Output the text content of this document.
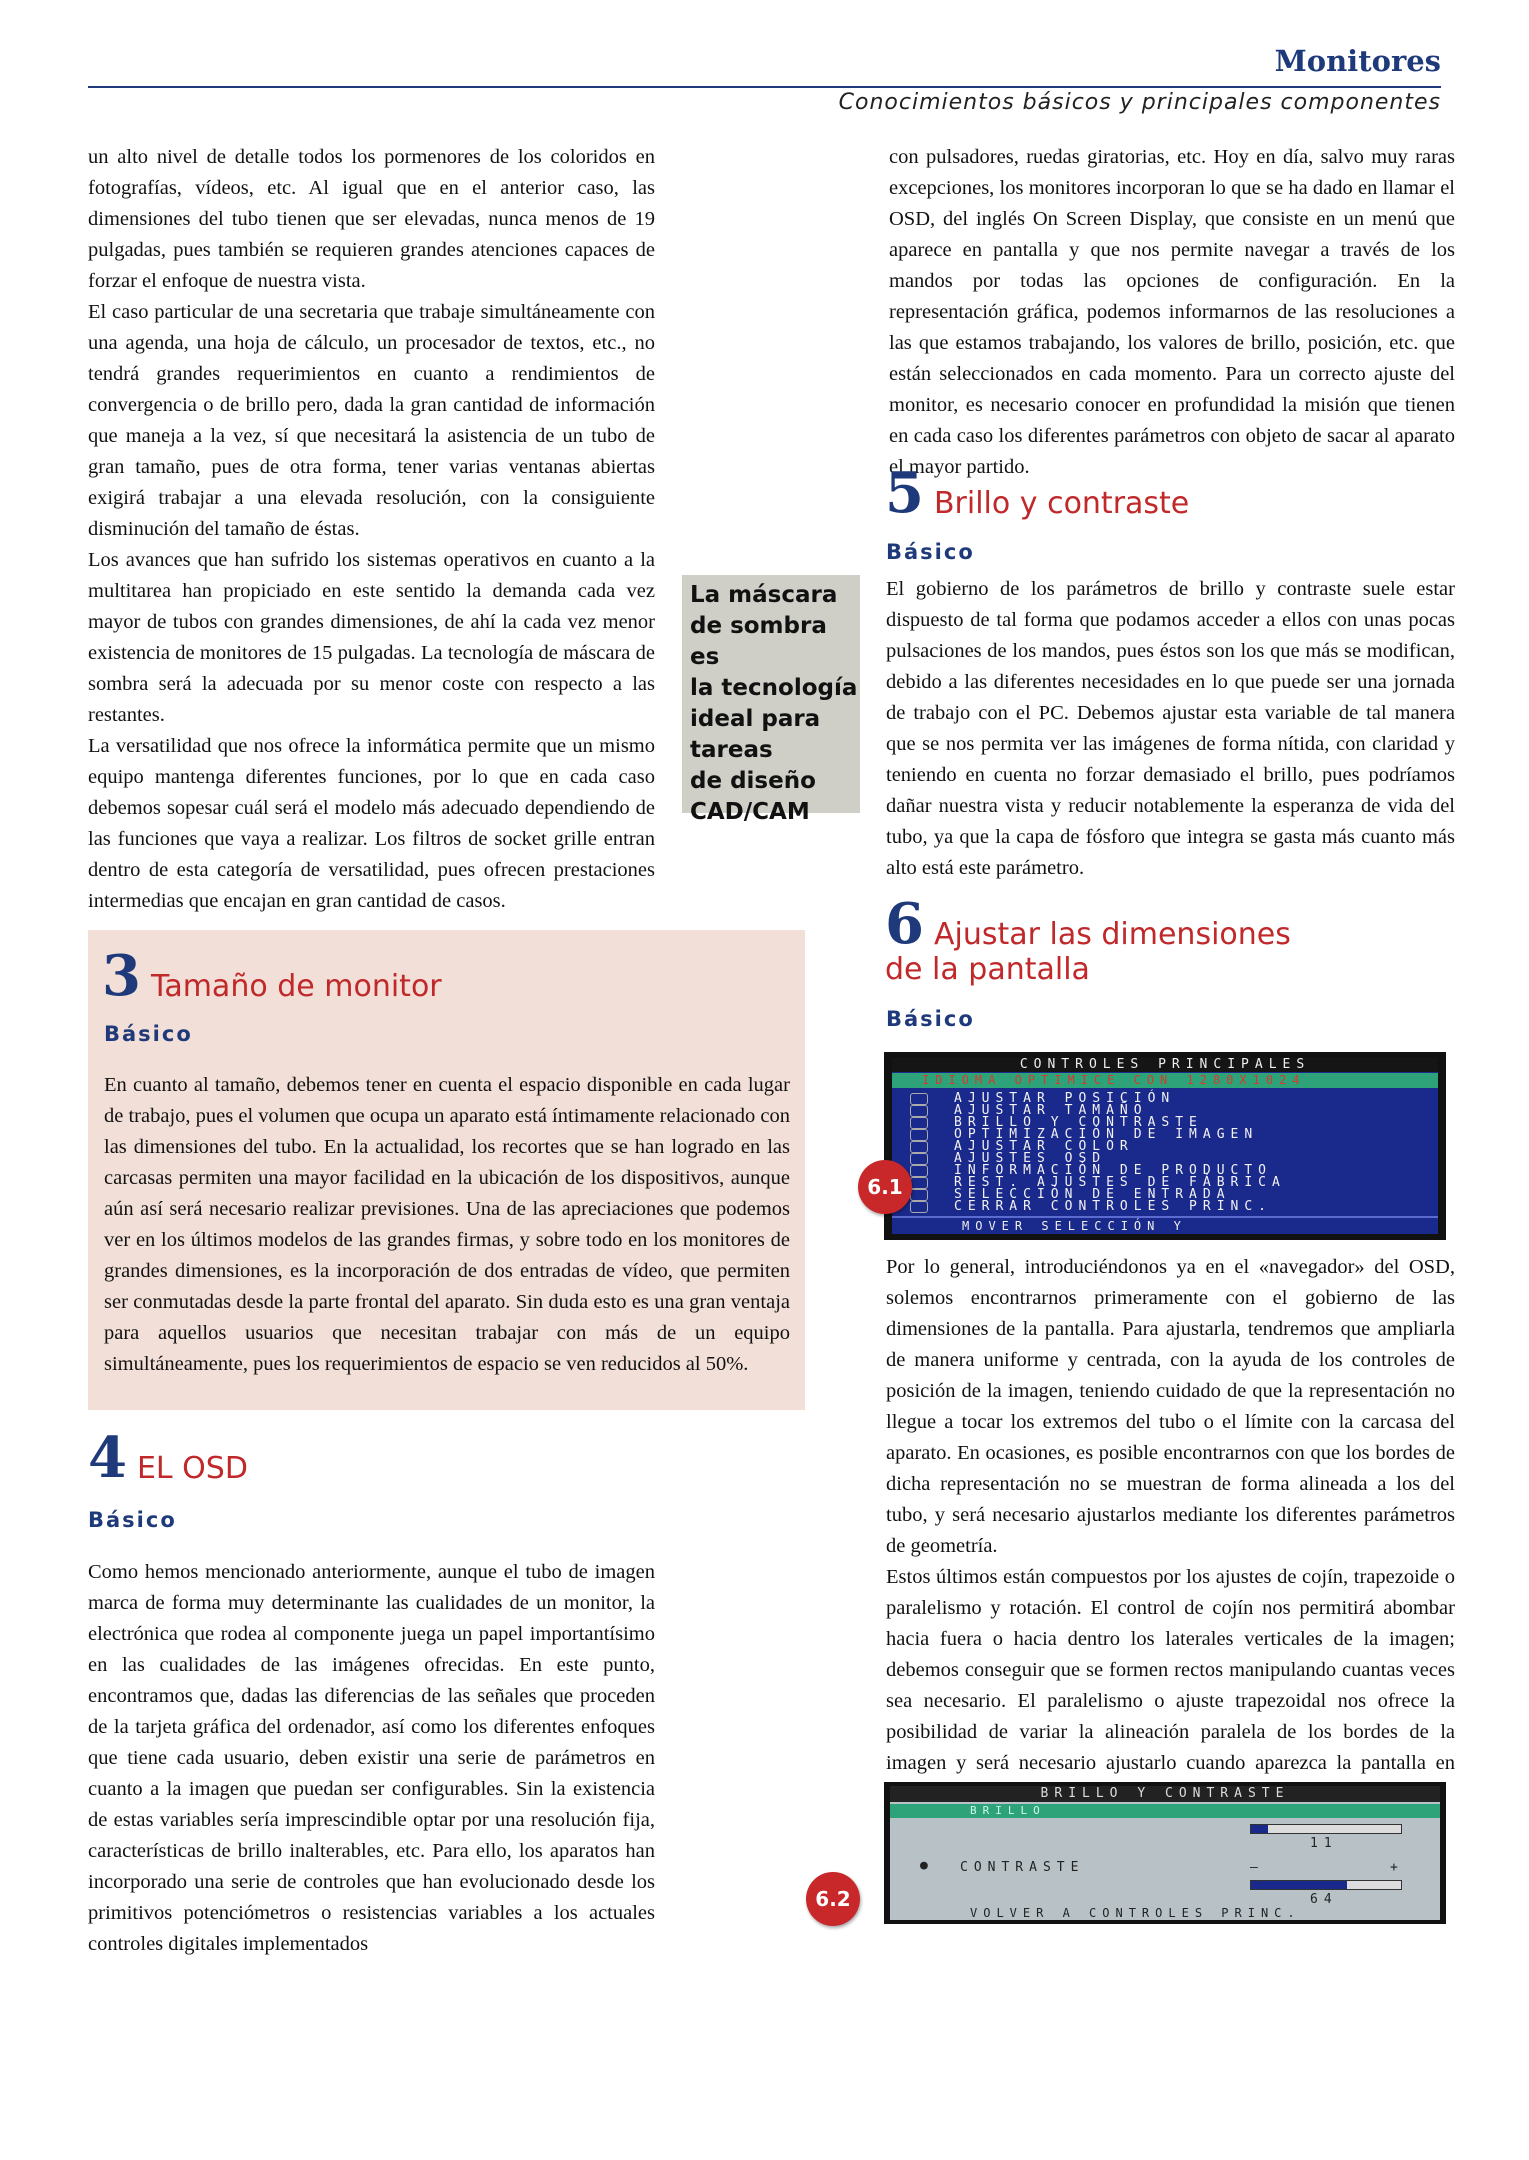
Monitores
Conocimientos básicos y principales componentes

un alto nivel de detalle todos los pormenores de los coloridos en fotografías, vídeos, etc. Al igual que en el anterior caso, las dimensiones del tubo tienen que ser elevadas, nunca menos de 19 pulgadas, pues también se requieren grandes atenciones capaces de forzar el enfoque de nuestra vista.

El caso particular de una secretaria que trabaje simultáneamente con una agenda, una hoja de cálculo, un procesador de textos, etc., no tendrá grandes requerimientos en cuanto a rendimientos de convergencia o de brillo pero, dada la gran cantidad de información que maneja a la vez, sí que necesitará la asistencia de un tubo de gran tamaño, pues de otra forma, tener varias ventanas abiertas exigirá trabajar a una elevada resolución, con la consiguiente disminución del tamaño de éstas.

Los avances que han sufrido los sistemas operativos en cuanto a la multitarea han propiciado en este sentido la demanda cada vez mayor de tubos con grandes dimensiones, de ahí la cada vez menor existencia de monitores de 15 pulgadas. La tecnología de máscara de sombra será la adecuada por su menor coste con respecto a las restantes.

La versatilidad que nos ofrece la informática permite que un mismo equipo mantenga diferentes funciones, por lo que en cada caso debemos sopesar cuál será el modelo más adecuado dependiendo de las funciones que vaya a realizar. Los filtros de socket grille entran dentro de esta categoría de versatilidad, pues ofrecen prestaciones intermedias que encajan en gran cantidad de casos.

La máscara
de sombra es
la tecnología
ideal para
tareas
de diseño
CAD/CAM
3 Tamaño de monitor
Básico

En cuanto al tamaño, debemos tener en cuenta el espacio disponible en cada lugar de trabajo, pues el volumen que ocupa un aparato está íntimamente relacionado con las dimensiones del tubo. En la actualidad, los recortes que se han logrado en las carcasas permiten una mayor facilidad en la ubicación de los dispositivos, aunque aún así será necesario realizar previsiones. Una de las apreciaciones que podemos ver en los últimos modelos de las grandes firmas, y sobre todo en los monitores de grandes dimensiones, es la incorporación de dos entradas de vídeo, que permiten ser conmutadas desde la parte frontal del aparato. Sin duda esto es una gran ventaja para aquellos usuarios que necesitan trabajar con más de un equipo simultáneamente, pues los requerimientos de espacio se ven reducidos al 50%.

4 EL OSD
Básico

Como hemos mencionado anteriormente, aunque el tubo de imagen marca de forma muy determinante las cualidades de un monitor, la electrónica que rodea al componente juega un papel importantísimo en las cualidades de las imágenes ofrecidas. En este punto, encontramos que, dadas las diferencias de las señales que proceden de la tarjeta gráfica del ordenador, así como los diferentes enfoques que tiene cada usuario, deben existir una serie de parámetros en cuanto a la imagen que puedan ser configurables. Sin la existencia de estas variables sería imprescindible optar por una resolución fija, características de brillo inalterables, etc. Para ello, los aparatos han incorporado una serie de controles que han evolucionado desde los primitivos potenciómetros o resistencias variables a los actuales controles digitales implementados

con pulsadores, ruedas giratorias, etc. Hoy en día, salvo muy raras excepciones, los monitores incorporan lo que se ha dado en llamar el OSD, del inglés On Screen Display, que consiste en un menú que aparece en pantalla y que nos permite navegar a través de los mandos por todas las opciones de configuración. En la representación gráfica, podemos informarnos de las resoluciones a las que estamos trabajando, los valores de brillo, posición, etc. que están seleccionados en cada momento. Para un correcto ajuste del monitor, es necesario conocer en profundidad la misión que tienen en cada caso los diferentes parámetros con objeto de sacar al aparato el mayor partido.

5 Brillo y contraste
Básico

El gobierno de los parámetros de brillo y contraste suele estar dispuesto de tal forma que podamos acceder a ellos con unas pocas pulsaciones de los mandos, pues éstos son los que más se modifican, debido a las diferentes necesidades en lo que puede ser una jornada de trabajo con el PC. Debemos ajustar esta variable de tal manera que se nos permita ver las imágenes de forma nítida, con claridad y teniendo en cuenta no forzar demasiado el brillo, pues podríamos dañar nuestra vista y reducir notablemente la esperanza de vida del tubo, ya que la capa de fósforo que integra se gasta más cuanto más alto está este parámetro.

6 Ajustar las dimensiones
de la pantalla
Básico
CONTROLES PRINCIPALES
IDIOMA OPTIMICE CON 1280X1024
AJUSTAR POSICIÓN
AJUSTAR TAMAÑO
BRILLO Y CONTRASTE
OPTIMIZACIÓN DE IMAGEN
AJUSTAR COLOR
AJUSTES OSD
INFORMACIÓN DE PRODUCTO
REST. AJUSTES DE FÁBRICA
SELECCIÓN DE ENTRADA
CERRAR CONTROLES PRINC.
MOVER SELECCIÓN Y
6.1

Por lo general, introduciéndonos ya en el «navegador» del OSD, solemos encontrarnos primeramente con el gobierno de las dimensiones de la pantalla. Para ajustarla, tendremos que ampliarla de manera uniforme y centrada, con la ayuda de los controles de posición de la imagen, teniendo cuidado de que la representación no llegue a tocar los extremos del tubo o el límite con la carcasa del aparato. En ocasiones, es posible encontrarnos con que los bordes de dicha representación no se muestran de forma alineada a los del tubo, y será necesario ajustarlos mediante los diferentes parámetros de geometría.

Estos últimos están compuestos por los ajustes de cojín, trapezoide o paralelismo y rotación. El control de cojín nos permitirá abombar hacia fuera o hacia dentro los laterales verticales de la imagen; debemos conseguir que se formen rectos manipulando cuantas veces sea necesario. El paralelismo o ajuste trapezoidal nos ofrece la posibilidad de variar la alineación paralela de los bordes de la imagen y será necesario ajustarlo cuando aparezca la pantalla en

BRILLO Y CONTRASTE
BRILLO
11
● CONTRASTE	—	+
64
VOLVER A CONTROLES PRINC.
6.2
